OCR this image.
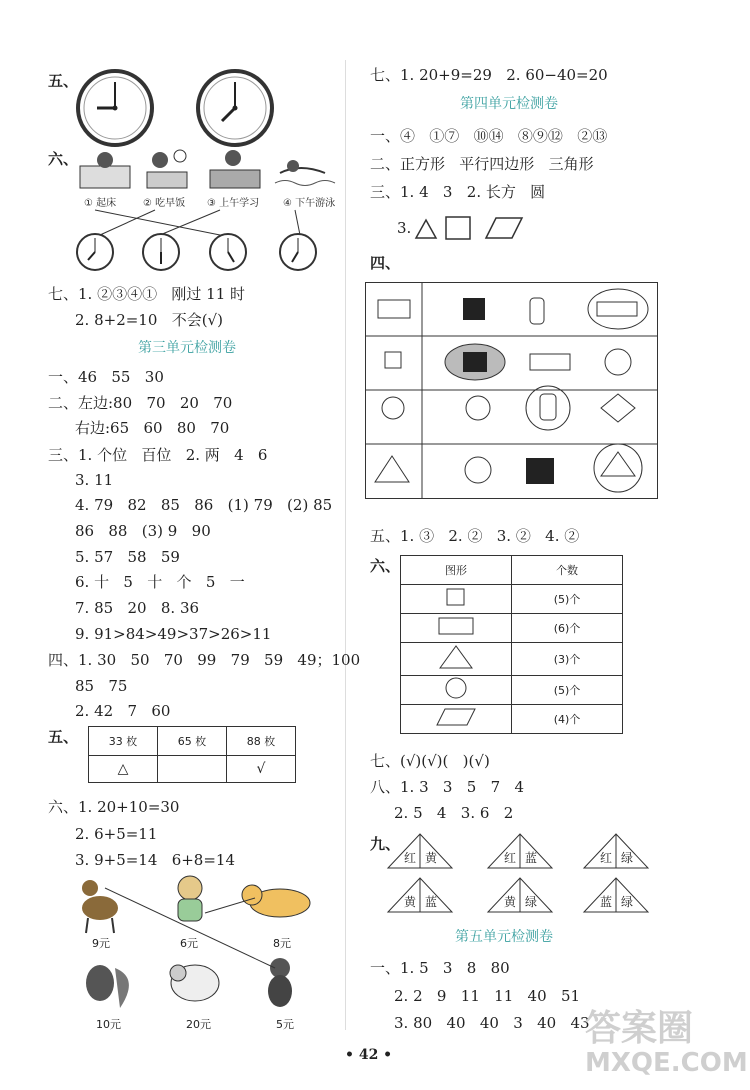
五、
六、
① 起床	② 吃早饭 ③ 上午学习 ④ 下午游泳
七、1. ②③④①   刚过 11 时
2. 8+2=10   不会(√)
第三单元检测卷
一、46   55   30
二、左边:80   70   20   70
右边:65   60   80   70
三、1. 个位   百位   2. 两   4   6
3. 11
4. 79   82   85   86   (1) 79   (2) 85
86   88   (3) 9   90
5. 57   58   59
6. 十   5   十   个   5   一
7. 85   20   8. 36
9. 91>84>49>37>26>11
四、1. 30   50   70   99   79   59   49；100
85   75
2. 42   7   60
五、	33 枚	65 枚	88 枚
△		√
六、1. 20+10=30
2. 6+5=11
3. 9+5=14   6+8=14
9元	6元	8元
10元	20元	5元
七、1. 20+9=29   2. 60−40=20
第四单元检测卷
一、④   ①⑦   ⑩⑭   ⑧⑨⑫   ②⑬
二、正方形   平行四边形   三角形
三、1. 4   3   2. 长方   圆
3.
四、
五、1. ③   2. ②   3. ②   4. ②
六、	图形	个数
	(5)个
	(6)个
	(3)个
	(5)个
	(4)个
七、(√)(√)(   )(√)
八、1. 3   3   5   7   4
2. 5   4   3. 6   2
九、
红 黄	红 蓝	红 绿
黄 蓝	黄 绿	蓝 绿
第五单元检测卷
一、1. 5   3   8   80
2. 2   9   11   11   40   51
3. 80   40   40   3   40   43
• 42 •
答案圈
MXQE.COM
